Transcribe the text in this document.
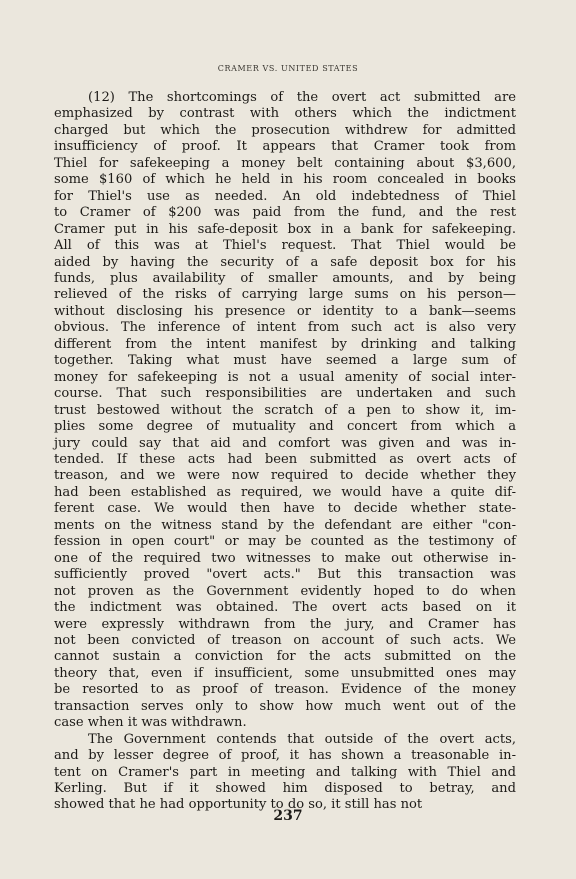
CRAMER VS. UNITED STATES
(12) The shortcomings of the overt act submitted are
emphasized by contrast with others which the indictment
charged but which the prosecution withdrew for admitted
insufficiency of proof. It appears that Cramer took from
Thiel for safekeeping a money belt containing about $3,600,
some $160 of which he held in his room concealed in books
for Thiel's use as needed. An old indebtedness of Thiel
to Cramer of $200 was paid from the fund, and the rest
Cramer put in his safe-deposit box in a bank for safekeeping.
All of this was at Thiel's request. That Thiel would be
aided by having the security of a safe deposit box for his
funds, plus availability of smaller amounts, and by being
relieved of the risks of carrying large sums on his person—
without disclosing his presence or identity to a bank—seems
obvious. The inference of intent from such act is also very
different from the intent manifest by drinking and talking
together. Taking what must have seemed a large sum of
money for safekeeping is not a usual amenity of social inter-
course. That such responsibilities are undertaken and such
trust bestowed without the scratch of a pen to show it, im-
plies some degree of mutuality and concert from which a
jury could say that aid and comfort was given and was in-
tended. If these acts had been submitted as overt acts of
treason, and we were now required to decide whether they
had been established as required, we would have a quite dif-
ferent case. We would then have to decide whether state-
ments on the witness stand by the defendant are either "con-
fession in open court" or may be counted as the testimony of
one of the required two witnesses to make out otherwise in-
sufficiently proved "overt acts." But this transaction was
not proven as the Government evidently hoped to do when
the indictment was obtained. The overt acts based on it
were expressly withdrawn from the jury, and Cramer has
not been convicted of treason on account of such acts. We
cannot sustain a conviction for the acts submitted on the
theory that, even if insufficient, some unsubmitted ones may
be resorted to as proof of treason. Evidence of the money
transaction serves only to show how much went out of the
case when it was withdrawn.
The Government contends that outside of the overt acts,
and by lesser degree of proof, it has shown a treasonable in-
tent on Cramer's part in meeting and talking with Thiel and
Kerling. But if it showed him disposed to betray, and
showed that he had opportunity to do so, it still has not
237
